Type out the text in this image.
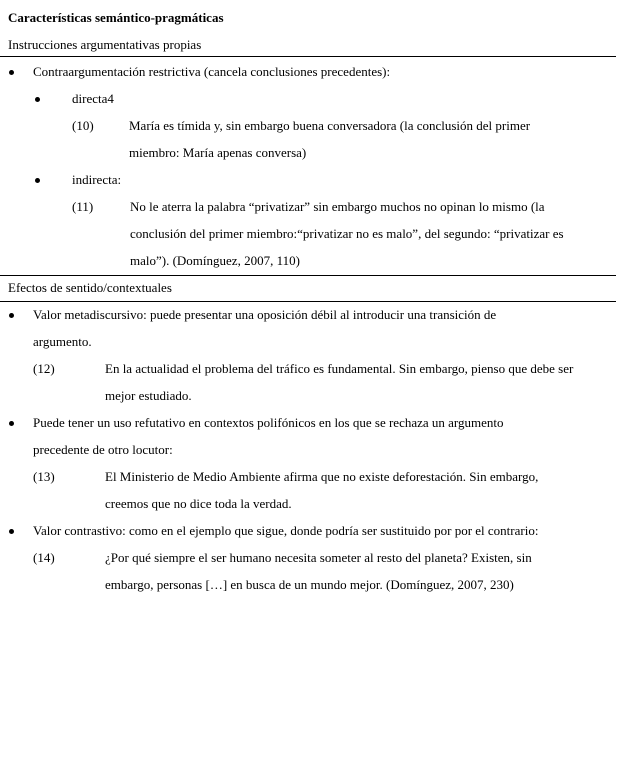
Características semántico-pragmáticas
Instrucciones argumentativas propias
Contraargumentación restrictiva (cancela conclusiones precedentes):
directa4
(10)	María es tímida y, sin embargo buena conversadora (la conclusión del primer
miembro: María apenas conversa)
indirecta:
(11)	No le aterra la palabra “privatizar” sin embargo muchos no opinan lo mismo (la
conclusión del primer miembro:“privatizar no es malo”, del segundo: “privatizar es
malo”). (Domínguez, 2007, 110)
Efectos de sentido/contextuales
Valor metadiscursivo: puede presentar una oposición débil al introducir una transición de
argumento.
(12)	En la actualidad el problema del tráfico es fundamental. Sin embargo, pienso que debe ser
mejor estudiado.
Puede tener un uso refutativo en contextos polifónicos en los que se rechaza un argumento
precedente de otro locutor:
(13)	El Ministerio de Medio Ambiente afirma que no existe deforestación. Sin embargo,
creemos que no dice toda la verdad.
Valor contrastivo: como en el ejemplo que sigue, donde podría ser sustituido por por el contrario:
(14)	¿Por qué siempre el ser humano necesita someter al resto del planeta? Existen, sin
embargo, personas […] en busca de un mundo mejor. (Domínguez, 2007, 230)
